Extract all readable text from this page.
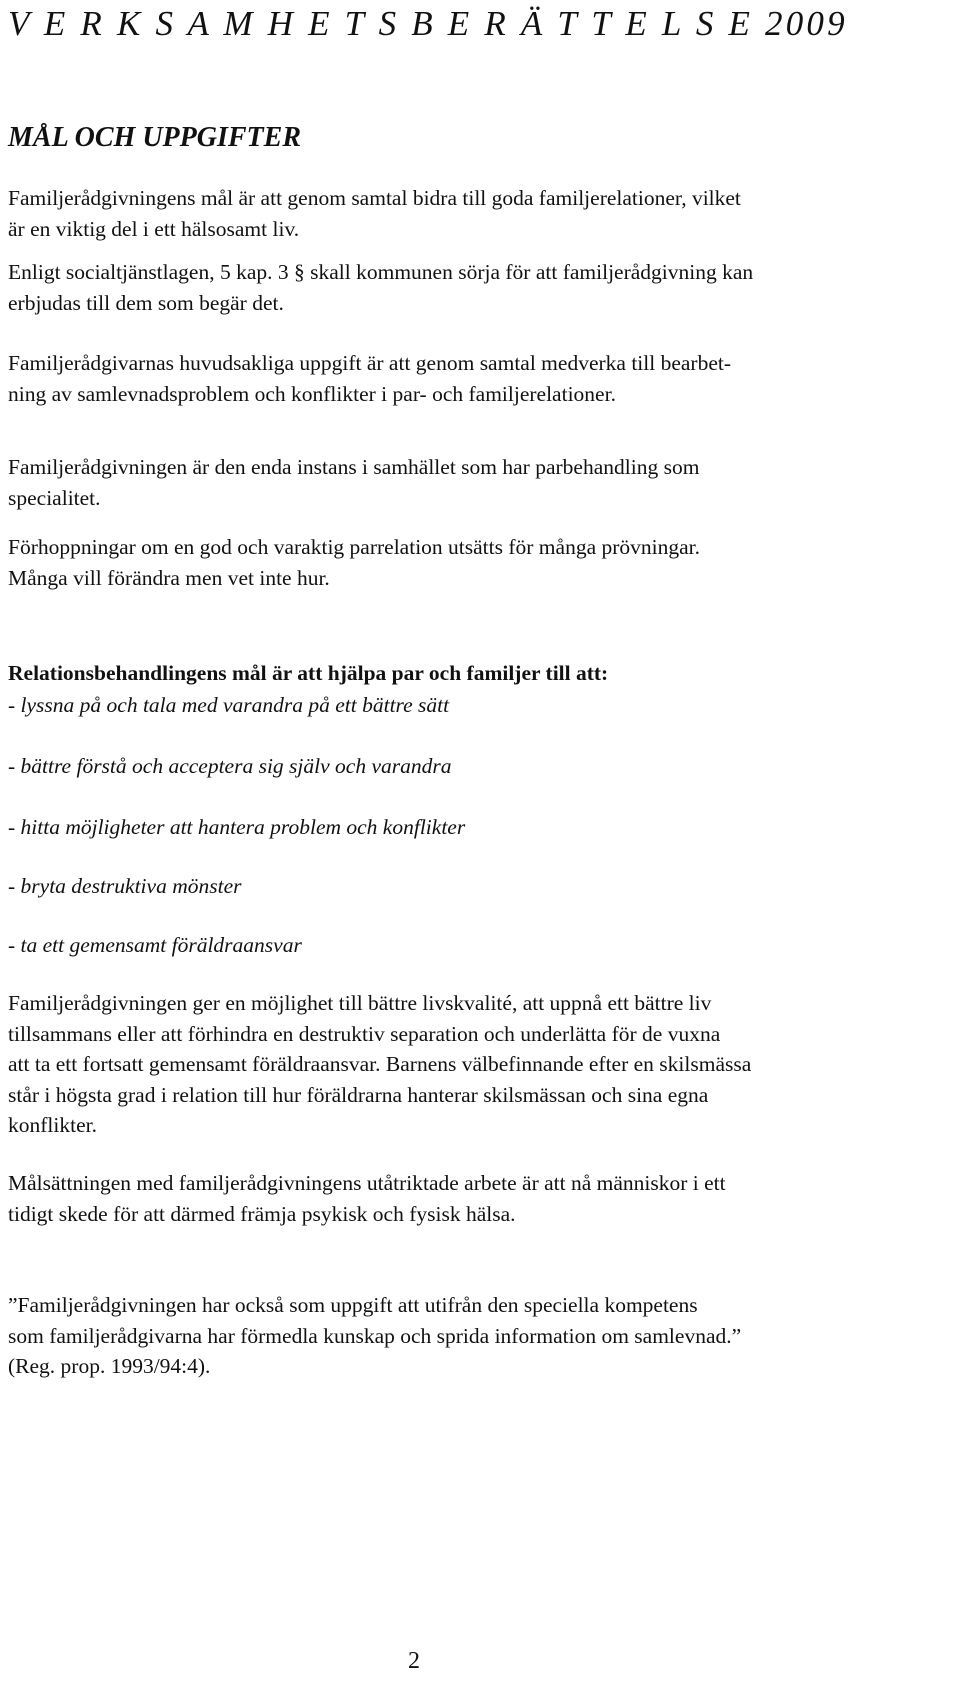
V E R K S A M H E T S B E R Ä T T E L S E 2009
MÅL OCH UPPGIFTER
Familjerådgivningens mål är att genom samtal bidra till goda familjerelationer, vilket
är en viktig del i ett hälsosamt liv.
Enligt socialtjänstlagen, 5 kap. 3 § skall kommunen sörja för att familjerådgivning kan
erbjudas till dem som begär det.
Familjerådgivarnas huvudsakliga uppgift är att genom samtal medverka till bearbet-
ning av samlevnadsproblem och konflikter i par- och familjerelationer.
Familjerådgivningen är den enda instans i samhället som har parbehandling som
specialitet.
Förhoppningar om en god och varaktig parrelation utsätts för många prövningar.
Många vill förändra men vet inte hur.
Relationsbehandlingens mål är att hjälpa par och familjer till att:
- lyssna på och tala med varandra på ett bättre sätt
- bättre förstå och acceptera sig själv och varandra
- hitta möjligheter att hantera problem och konflikter
- bryta destruktiva mönster
- ta ett gemensamt föräldraansvar
Familjerådgivningen ger en möjlighet till bättre livskvalité, att uppnå ett bättre liv
tillsammans eller att förhindra en destruktiv separation och underlätta för de vuxna
att ta ett fortsatt gemensamt föräldraansvar. Barnens välbefinnande efter en skilsmässa
står i högsta grad i relation till hur föräldrarna hanterar skilsmässan och sina egna
konflikter.
Målsättningen med familjerådgivningens utåtriktade arbete är att nå människor i ett
tidigt skede för att därmed främja psykisk och fysisk hälsa.
”Familjerådgivningen har också som uppgift att utifrån den speciella kompetens
som familjerådgivarna har förmedla kunskap och sprida information om samlevnad.”
(Reg. prop. 1993/94:4).
2
